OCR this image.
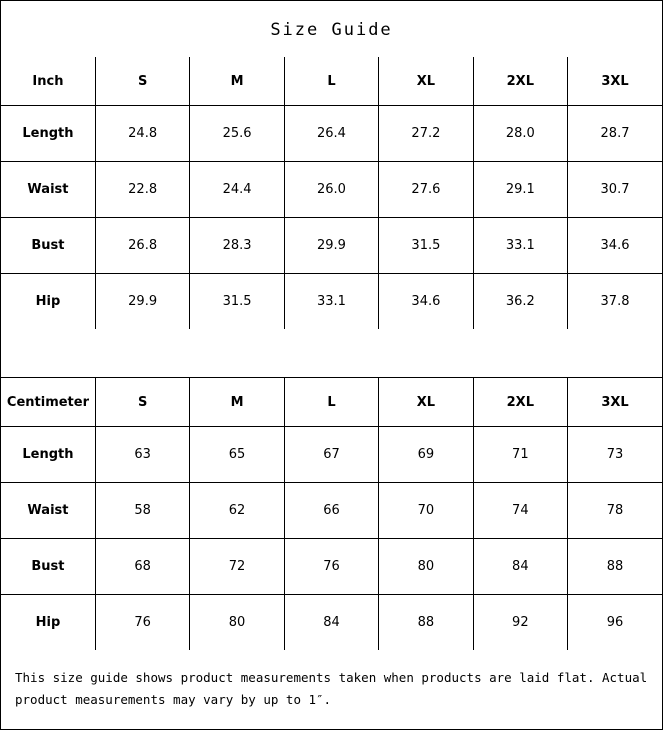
Size Guide
Inch	S	M	L	XL	2XL	3XL
Length	24.8	25.6	26.4	27.2	28.0	28.7
Waist	22.8	24.4	26.0	27.6	29.1	30.7
Bust	26.8	28.3	29.9	31.5	33.1	34.6
Hip	29.9	31.5	33.1	34.6	36.2	37.8
Centimeter	S	M	L	XL	2XL	3XL
Length	63	65	67	69	71	73
Waist	58	62	66	70	74	78
Bust	68	72	76	80	84	88
Hip	76	80	84	88	92	96
This size guide shows product measurements taken when products are laid flat. Actual product measurements may vary by up to 1″.
